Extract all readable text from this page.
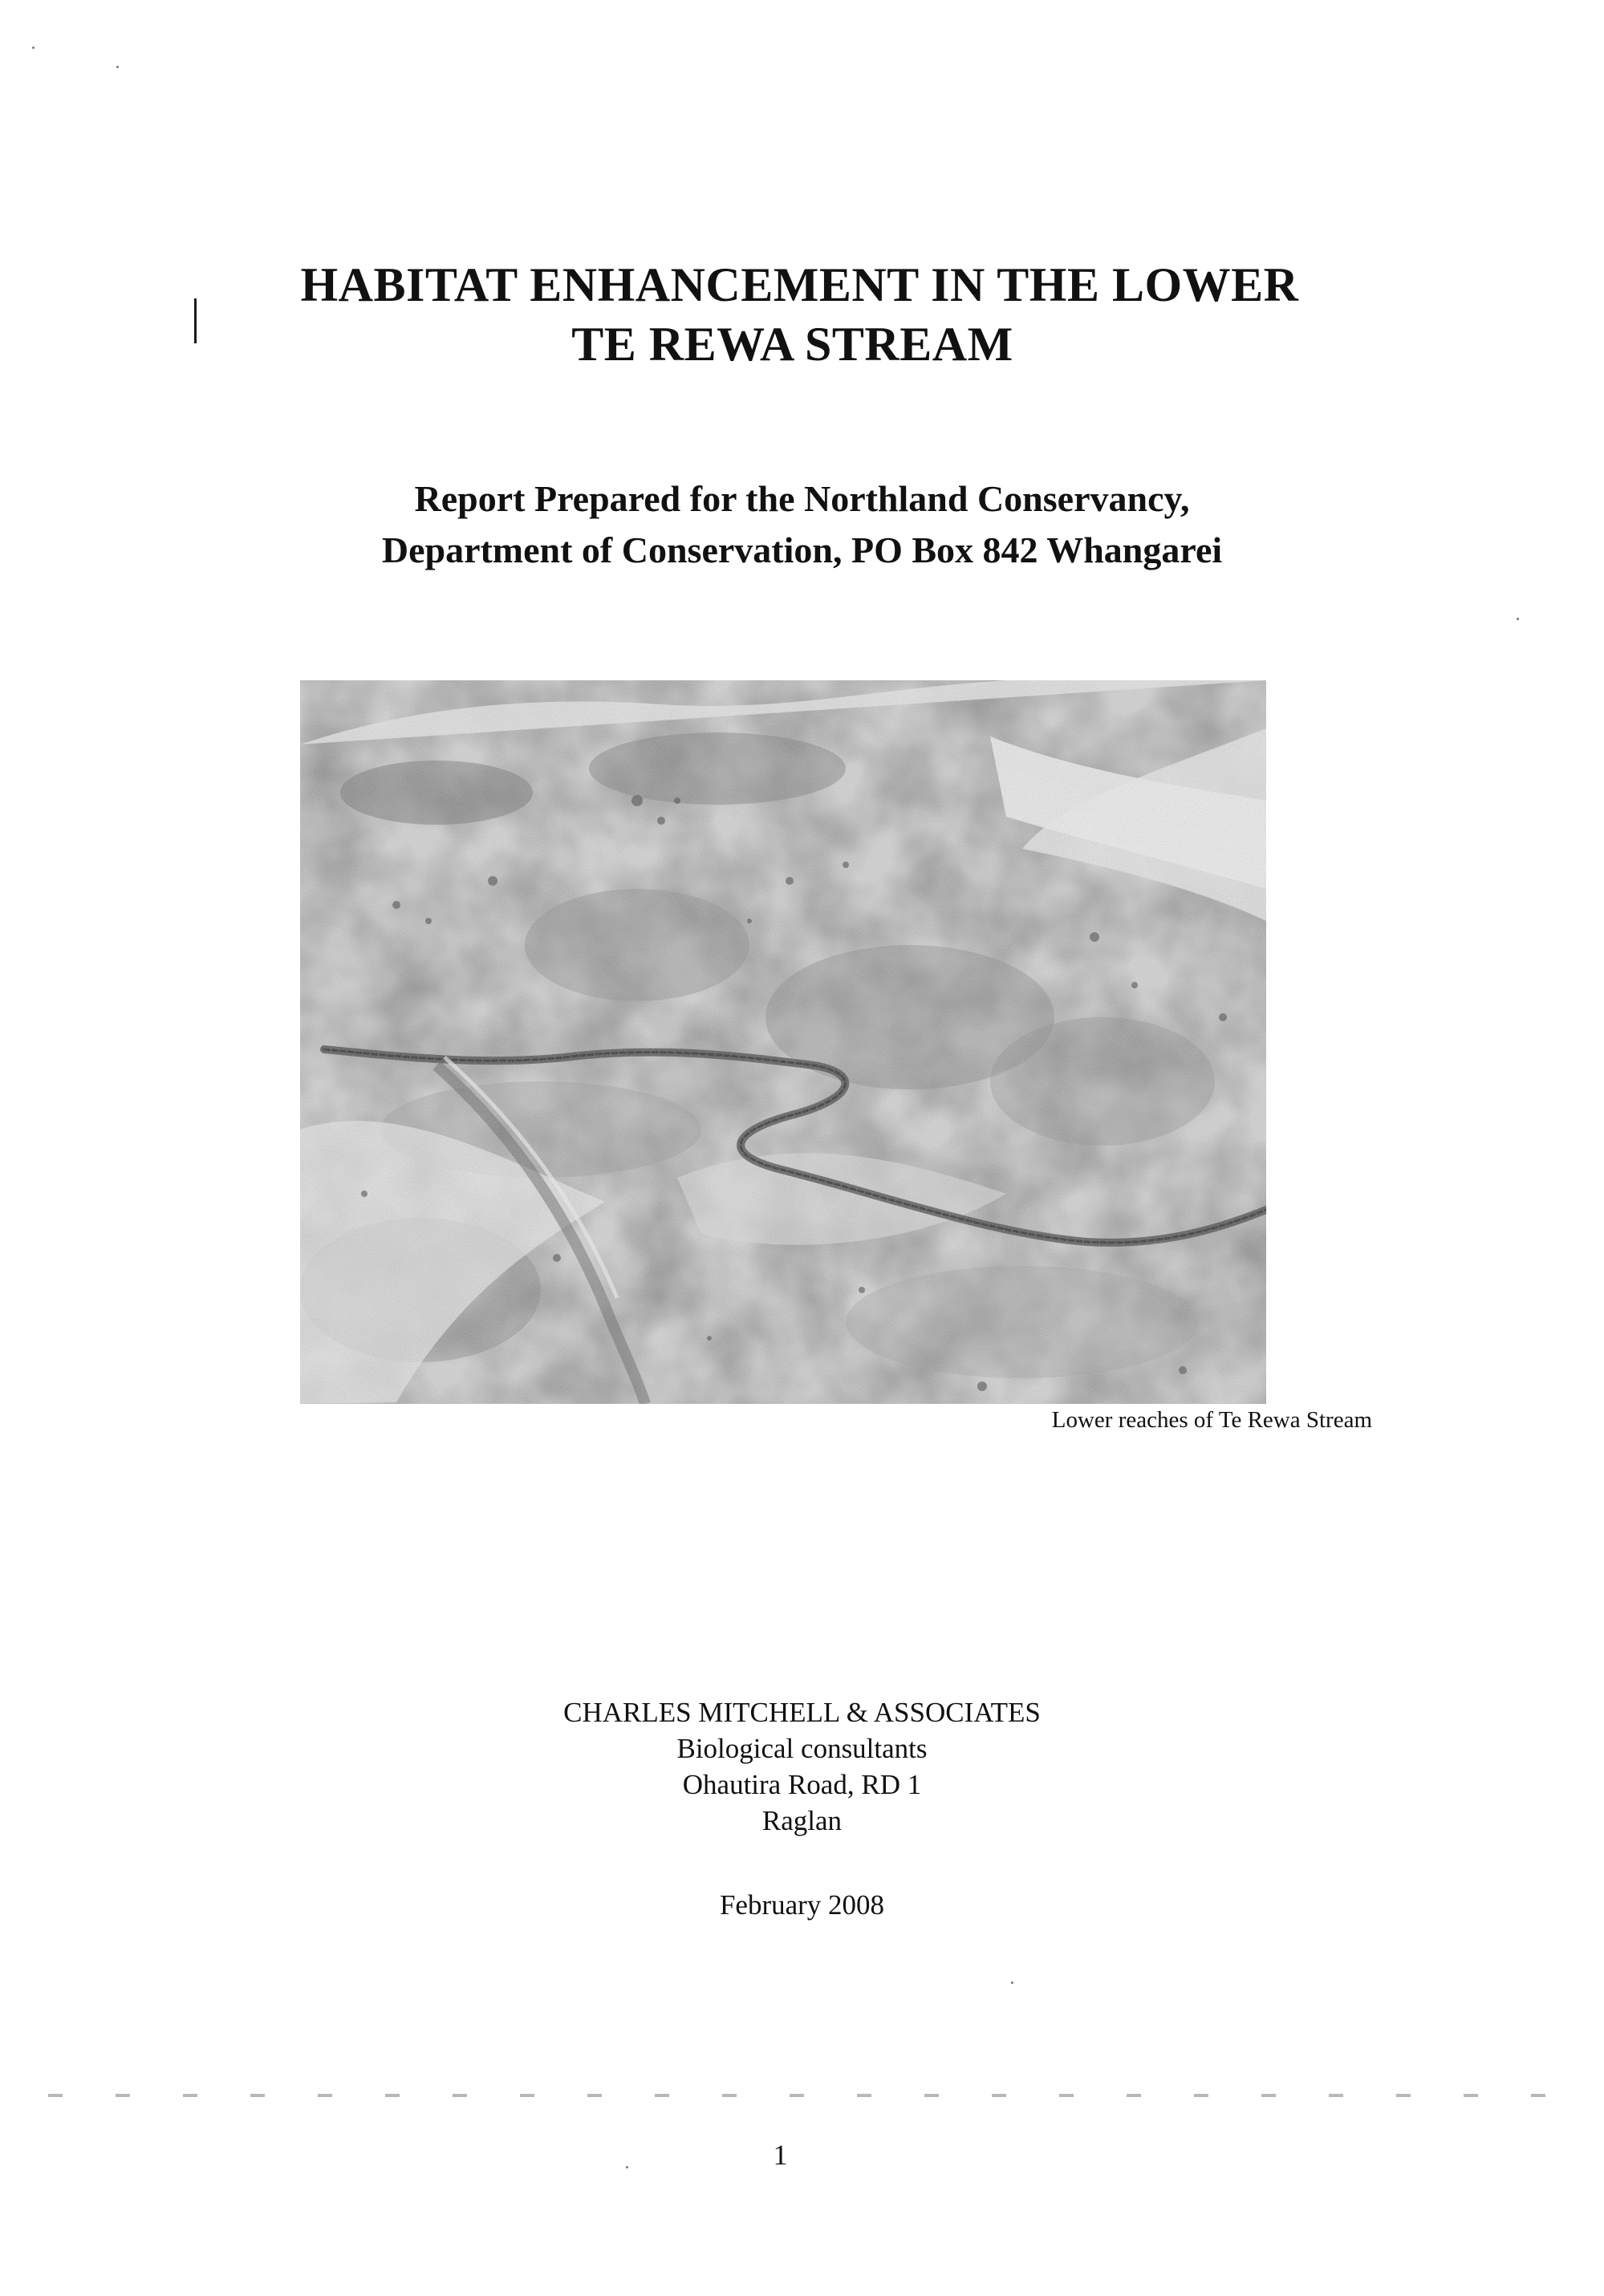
HABITAT ENHANCEMENT IN THE LOWER
TE REWA STREAM
Report Prepared for the Northland Conservancy,
Department of Conservation, PO Box 842 Whangarei
Lower reaches of Te Rewa Stream
CHARLES MITCHELL & ASSOCIATES
Biological consultants
Ohautira Road, RD 1
Raglan
February 2008
1
